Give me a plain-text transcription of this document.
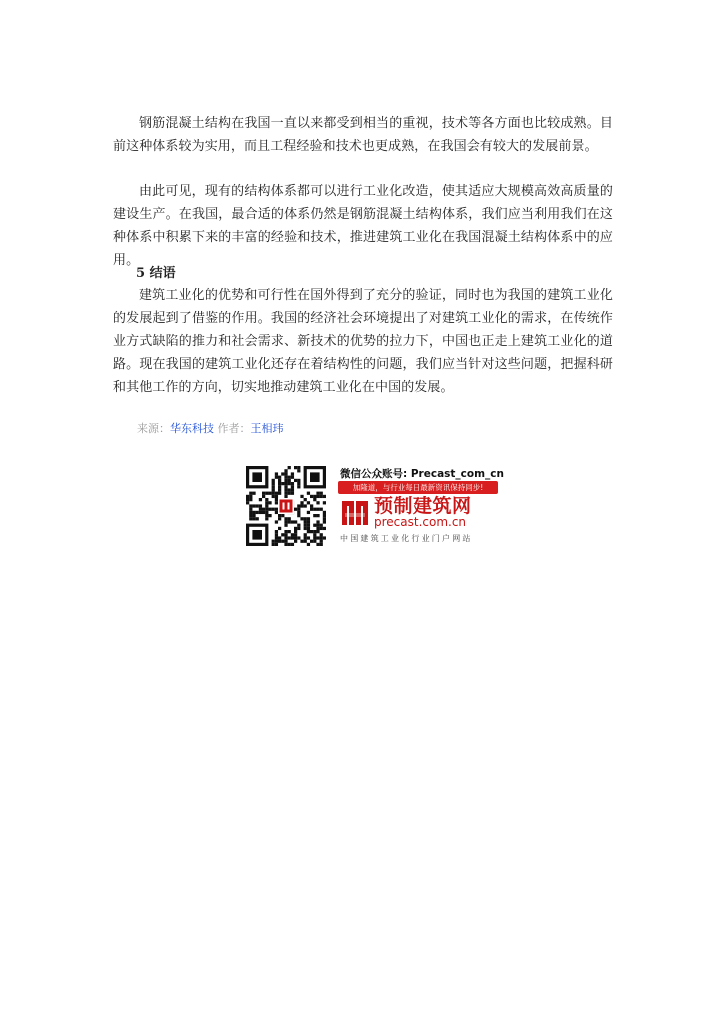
钢筋混凝土结构在我国一直以来都受到相当的重视，技术等各方面也比较成熟。目前这种体系较为实用，而且工程经验和技术也更成熟，在我国会有较大的发展前景。

由此可见，现有的结构体系都可以进行工业化改造，使其适应大规模高效高质量的建设生产。在我国，最合适的体系仍然是钢筋混凝土结构体系，我们应当利用我们在这种体系中积累下来的丰富的经验和技术，推进建筑工业化在我国混凝土结构体系中的应用。

5 结语

建筑工业化的优势和可行性在国外得到了充分的验证，同时也为我国的建筑工业化的发展起到了借鉴的作用。我国的经济社会环境提出了对建筑工业化的需求，在传统作业方式缺陷的推力和社会需求、新技术的优势的拉力下，中国也正走上建筑工业化的道路。现在我国的建筑工业化还存在着结构性的问题，我们应当针对这些问题，把握科研和其他工作的方向，切实地推动建筑工业化在中国的发展。

来源：华东科技 作者：王相玮
微信公众账号: Precast_com_cn
加隆道，与行业每日最新资讯保持同步!
预制建筑网
precast.com.cn
中国建筑工业化行业门户网站
